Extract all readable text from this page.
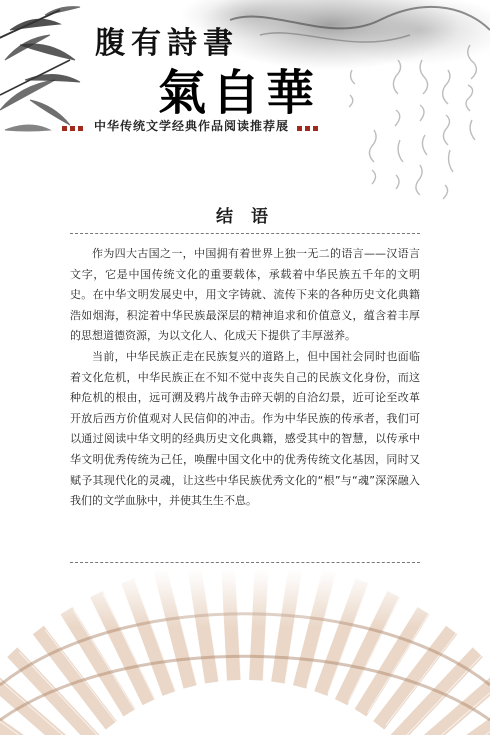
腹有詩書
氣自華
中华传统文学经典作品阅读推荐展
结 语

作为四大古国之一，中国拥有着世界上独一无二的语言——汉语言文字，它是中国传统文化的重要载体，承载着中华民族五千年的文明史。在中华文明发展史中，用文字铸就、流传下来的各种历史文化典籍浩如烟海，积淀着中华民族最深层的精神追求和价值意义，蕴含着丰厚的思想道德资源，为以文化人、化成天下提供了丰厚滋养。

当前，中华民族正走在民族复兴的道路上，但中国社会同时也面临着文化危机，中华民族正在不知不觉中丧失自己的民族文化身份，而这种危机的根由，远可溯及鸦片战争击碎天朝的自洽幻景，近可论至改革开放后西方价值观对人民信仰的冲击。作为中华民族的传承者，我们可以通过阅读中华文明的经典历史文化典籍，感受其中的智慧，以传承中华文明优秀传统为己任，唤醒中国文化中的优秀传统文化基因，同时又赋予其现代化的灵魂，让这些中华民族优秀文化的“根”与“魂”深深融入我们的文学血脉中，并使其生生不息。
